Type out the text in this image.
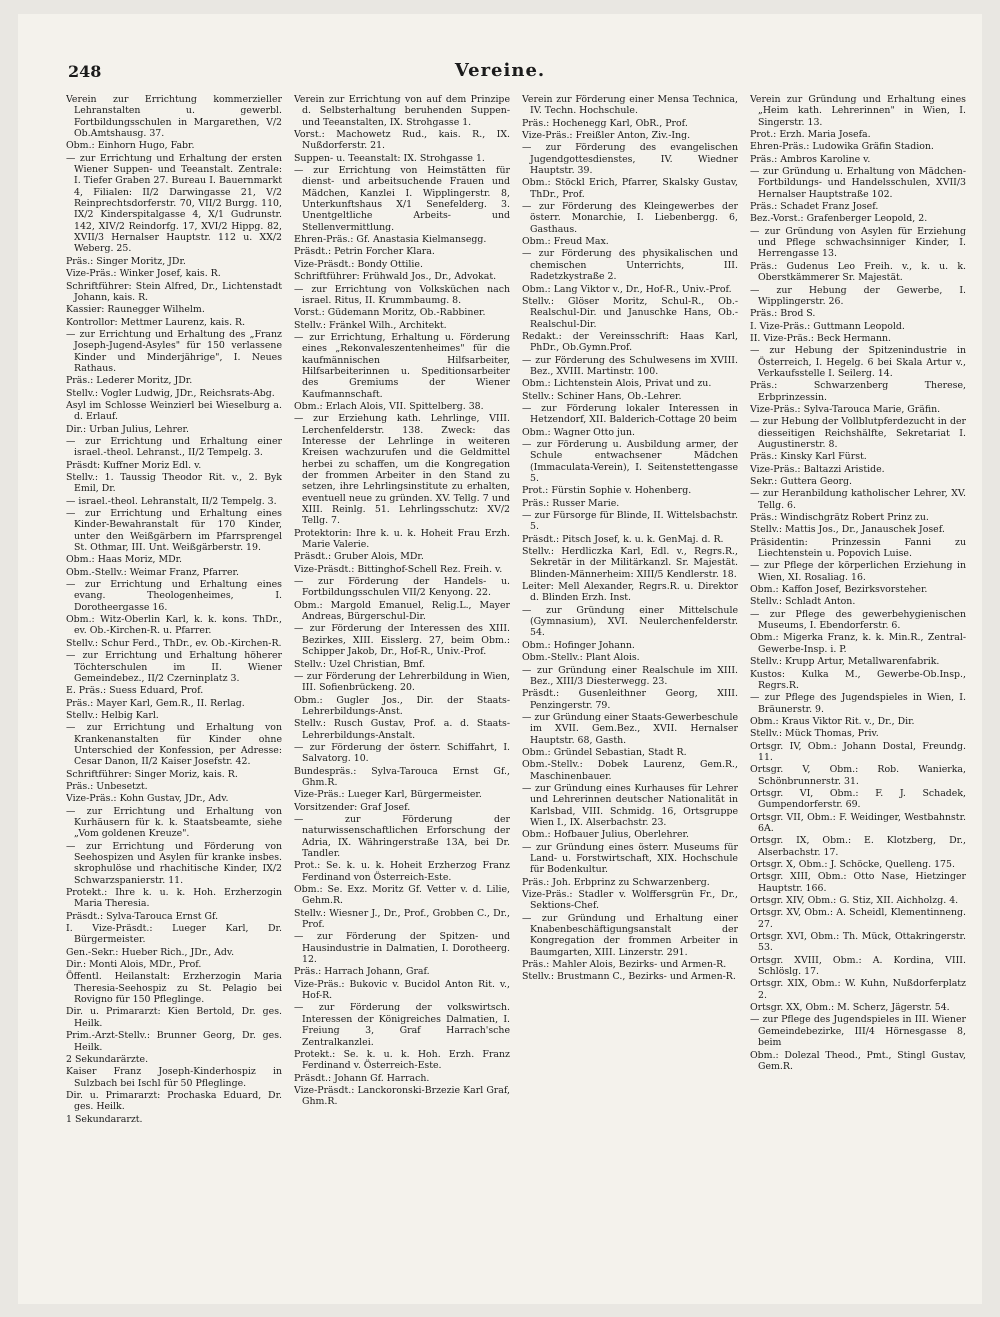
248	Vereine.

Verein zur Errichtung kommerzieller Lehranstalten u. gewerbl. Fortbildungsschulen in Margarethen, V/2 Ob.Amtshausg. 37.

Obm.: Einhorn Hugo, Fabr.

— zur Errichtung und Erhaltung der ersten Wiener Suppen- und Teeanstalt. Zentrale: I. Tiefer Graben 27. Bureau I. Bauernmarkt 4, Filialen: II/2 Darwingasse 21, V/2 Reinprechtsdorferstr. 70, VII/2 Burgg. 110, IX/2 Kinderspitalgasse 4, X/1 Gudrunstr. 142, XIV/2 Reindorfg. 17, XVI/2 Hippg. 82, XVII/3 Hernalser Hauptstr. 112 u. XX/2 Weberg. 25.

Präs.: Singer Moritz, JDr.

Vize-Präs.: Winker Josef, kais. R.

Schriftführer: Stein Alfred, Dr., Lichtenstadt Johann, kais. R.

Kassier: Raunegger Wilhelm.

Kontrollor: Mettmer Laurenz, kais. R.

— zur Errichtung und Erhaltung des „Franz Joseph-Jugend-Asyles" für 150 verlassene Kinder und Minderjährige", I. Neues Rathaus.

Präs.: Lederer Moritz, JDr.

Stellv.: Vogler Ludwig, JDr., Reichsrats-Abg.

Asyl im Schlosse Weinzierl bei Wieselburg a. d. Erlauf.

Dir.: Urban Julius, Lehrer.

— zur Errichtung und Erhaltung einer israel.-theol. Lehranst., II/2 Tempelg. 3.

Präsdt: Kuffner Moriz Edl. v.

Stellv.: 1. Taussig Theodor Rit. v., 2. Byk Emil, Dr.

— israel.-theol. Lehranstalt, II/2 Tempelg. 3.

— zur Errichtung und Erhaltung eines Kinder-Bewahranstalt für 170 Kinder, unter den Weißgärbern im Pfarrsprengel St. Othmar, III. Unt. Weißgärberstr. 19.

Obm.: Haas Moriz, MDr.

Obm.-Stellv.: Weimar Franz, Pfarrer.

— zur Errichtung und Erhaltung eines evang. Theologenheimes, I. Dorotheergasse 16.

Obm.: Witz-Oberlin Karl, k. k. kons. ThDr., ev. Ob.-Kirchen-R. u. Pfarrer.

Stellv.: Schur Ferd., ThDr., ev. Ob.-Kirchen-R.

— zur Errichtung und Erhaltung höherer Töchterschulen im II. Wiener Gemeindebez., II/2 Czerninplatz 3.

E. Präs.: Suess Eduard, Prof.

Präs.: Mayer Karl, Gem.R., II. Rerlag.

Stellv.: Helbig Karl.

— zur Errichtung und Erhaltung von Krankenanstalten für Kinder ohne Unterschied der Konfession, per Adresse: Cesar Danon, II/2 Kaiser Josefstr. 42.

Schriftführer: Singer Moriz, kais. R.

Präs.: Unbesetzt.

Vize-Präs.: Kohn Gustav, JDr., Adv.

— zur Errichtung und Erhaltung von Kurhäusern für k. k. Staatsbeamte, siehe „Vom goldenen Kreuze".

— zur Errichtung und Förderung von Seehospizen und Asylen für kranke insbes. skrophulöse und rhachitische Kinder, IX/2 Schwarzspanierstr. 11.

Protekt.: Ihre k. u. k. Hoh. Erzherzogin Maria Theresia.

Präsdt.: Sylva-Tarouca Ernst Gf.

I. Vize-Präsdt.: Lueger Karl, Dr. Bürgermeister.

Gen.-Sekr.: Hueber Rich., JDr., Adv.

Dir.: Monti Alois, MDr., Prof.

Öffentl. Heilanstalt: Erzherzogin Maria Theresia-Seehospiz zu St. Pelagio bei Rovigno für 150 Pfleglinge.

Dir. u. Primararzt: Kien Bertold, Dr. ges. Heilk.

Prim.-Arzt-Stellv.: Brunner Georg, Dr. ges. Heilk.

2 Sekundarärzte.

Kaiser Franz Joseph-Kinderhospiz in Sulzbach bei Ischl für 50 Pfleglinge.

Dir. u. Primararzt: Prochaska Eduard, Dr. ges. Heilk.

1 Sekundararzt.

Verein zur Errichtung von auf dem Prinzipe d. Selbsterhaltung beruhenden Suppen- und Teeanstalten, IX. Strohgasse 1.

Vorst.: Machowetz Rud., kais. R., IX. Nußdorferstr. 21.

Suppen- u. Teeanstalt: IX. Strohgasse 1.

— zur Errichtung von Heimstätten für dienst- und arbeitsuchende Frauen und Mädchen, Kanzlei I. Wipplingerstr. 8, Unterkunftshaus X/1 Senefelderg. 3. Unentgeltliche Arbeits- und Stellenvermittlung.

Ehren-Präs.: Gf. Anastasia Kielmansegg.

Präsdt.: Petrin Forcher Klara.

Vize-Präsdt.: Bondy Ottilie.

Schriftführer: Frühwald Jos., Dr., Advokat.

— zur Errichtung von Volksküchen nach israel. Ritus, II. Krummbaumg. 8.

Vorst.: Güdemann Moritz, Ob.-Rabbiner.

Stellv.: Fränkel Wilh., Architekt.

— zur Errichtung, Erhaltung u. Förderung eines „Rekonvaleszentenheimes" für die kaufmännischen Hilfsarbeiter, Hilfsarbeiterinnen u. Speditionsarbeiter des Gremiums der Wiener Kaufmannschaft.

Obm.: Erlach Alois, VII. Spittelberg. 38.

— zur Erziehung kath. Lehrlinge, VIII. Lerchenfelderstr. 138. Zweck: das Interesse der Lehrlinge in weiteren Kreisen wachzurufen und die Geldmittel herbei zu schaffen, um die Kongregation der frommen Arbeiter in den Stand zu setzen, ihre Lehrlingsinstitute zu erhalten, eventuell neue zu gründen. XV. Tellg. 7 und XIII. Reinlg. 51. Lehrlingsschutz: XV/2 Tellg. 7.

Protektorin: Ihre k. u. k. Hoheit Frau Erzh. Marie Valerie.

Präsdt.: Gruber Alois, MDr.

Vize-Präsdt.: Bittinghof-Schell Rez. Freih. v.

— zur Förderung der Handels- u. Fortbildungsschulen VII/2 Kenyong. 22.

Obm.: Margold Emanuel, Relig.L., Mayer Andreas, Bürgerschul-Dir.

— zur Förderung der Interessen des XIII. Bezirkes, XIII. Eisslerg. 27, beim Obm.: Schipper Jakob, Dr., Hof-R., Univ.-Prof.

Stellv.: Uzel Christian, Bmf.

— zur Förderung der Lehrerbildung in Wien, III. Sofienbrückeng. 20.

Obm.: Gugler Jos., Dir. der Staats-Lehrerbildungs-Anst.

Stellv.: Rusch Gustav, Prof. a. d. Staats-Lehrerbildungs-Anstalt.

— zur Förderung der österr. Schiffahrt, I. Salvatorg. 10.

Bundespräs.: Sylva-Tarouca Ernst Gf., Ghm.R.

Vize-Präs.: Lueger Karl, Bürgermeister.

Vorsitzender: Graf Josef.

— zur Förderung der naturwissenschaftlichen Erforschung der Adria, IX. Währingerstraße 13A, bei Dr. Tandler.

Prot.: Se. k. u. k. Hoheit Erzherzog Franz Ferdinand von Österreich-Este.

Obm.: Se. Exz. Moritz Gf. Vetter v. d. Lilie, Gehm.R.

Stellv.: Wiesner J., Dr., Prof., Grobben C., Dr., Prof.

— zur Förderung der Spitzen- und Hausindustrie in Dalmatien, I. Dorotheerg. 12.

Präs.: Harrach Johann, Graf.

Vize-Präs.: Bukovic v. Bucidol Anton Rit. v., Hof-R.

— zur Förderung der volkswirtsch. Interessen der Königreiches Dalmatien, I. Freiung 3, Graf Harrach'sche Zentralkanzlei.

Protekt.: Se. k. u. k. Hoh. Erzh. Franz Ferdinand v. Österreich-Este.

Präsdt.: Johann Gf. Harrach.

Vize-Präsdt.: Lanckoronski-Brzezie Karl Graf, Ghm.R.

Verein zur Förderung einer Mensa Technica, IV. Techn. Hochschule.

Präs.: Hochenegg Karl, ObR., Prof.

Vize-Präs.: Freißler Anton, Ziv.-Ing.

— zur Förderung des evangelischen Jugendgottesdienstes, IV. Wiedner Hauptstr. 39.

Obm.: Stöckl Erich, Pfarrer, Skalsky Gustav, ThDr., Prof.

— zur Förderung des Kleingewerbes der österr. Monarchie, I. Liebenbergg. 6, Gasthaus.

Obm.: Freud Max.

— zur Förderung des physikalischen und chemischen Unterrichts, III. Radetzkystraße 2.

Obm.: Lang Viktor v., Dr., Hof-R., Univ.-Prof.

Stellv.: Glöser Moritz, Schul-R., Ob.-Realschul-Dir. und Januschke Hans, Ob.-Realschul-Dir.

Redakt.: der Vereinsschrift: Haas Karl, PhDr., Ob.Gymn.Prof.

— zur Förderung des Schulwesens im XVIII. Bez., XVIII. Martinstr. 100.

Obm.: Lichtenstein Alois, Privat und zu.

Stellv.: Schiner Hans, Ob.-Lehrer.

— zur Förderung lokaler Interessen in Hetzendorf, XII. Balderich-Cottage 20 beim

Obm.: Wagner Otto jun.

— zur Förderung u. Ausbildung armer, der Schule entwachsener Mädchen (Immaculata-Verein), I. Seitenstettengasse 5.

Prot.: Fürstin Sophie v. Hohenberg.

Präs.: Russer Marie.

— zur Fürsorge für Blinde, II. Wittelsbachstr. 5.

Präsdt.: Pitsch Josef, k. u. k. GenMaj. d. R.

Stellv.: Herdliczka Karl, Edl. v., Regrs.R., Sekretär in der Militärkanzl. Sr. Majestät. Blinden-Männerheim: XIII/5 Kendlerstr. 18.

Leiter: Mell Alexander, Regrs.R. u. Direktor d. Blinden Erzh. Inst.

— zur Gründung einer Mittelschule (Gymnasium), XVI. Neulerchenfelderstr. 54.

Obm.: Hofinger Johann.

Obm.-Stellv.: Plant Alois.

— zur Gründung einer Realschule im XIII. Bez., XIII/3 Diesterwegg. 23.

Präsdt.: Gusenleithner Georg, XIII. Penzingerstr. 79.

— zur Gründung einer Staats-Gewerbeschule im XVII. Gem.Bez., XVII. Hernalser Hauptstr. 68, Gasth.

Obm.: Gründel Sebastian, Stadt R.

Obm.-Stellv.: Dobek Laurenz, Gem.R., Maschinenbauer.

— zur Gründung eines Kurhauses für Lehrer und Lehrerinnen deutscher Nationalität in Karlsbad, VIII. Schmidg. 16, Ortsgruppe Wien I., IX. Alserbachstr. 23.

Obm.: Hofbauer Julius, Oberlehrer.

— zur Gründung eines österr. Museums für Land- u. Forstwirtschaft, XIX. Hochschule für Bodenkultur.

Präs.: Joh. Erbprinz zu Schwarzenberg.

Vize-Präs.: Stadler v. Wolffersgrün Fr., Dr., Sektions-Chef.

— zur Gründung und Erhaltung einer Knabenbeschäftigungsanstalt der Kongregation der frommen Arbeiter in Baumgarten, XIII. Linzerstr. 291.

Präs.: Mahler Alois, Bezirks- und Armen-R.

Stellv.: Brustmann C., Bezirks- und Armen-R.

Verein zur Gründung und Erhaltung eines „Heim kath. Lehrerinnen" in Wien, I. Singerstr. 13.

Prot.: Erzh. Maria Josefa.

Ehren-Präs.: Ludowika Gräfin Stadion.

Präs.: Ambros Karoline v.

— zur Gründung u. Erhaltung von Mädchen-Fortbildungs- und Handelsschulen, XVII/3 Hernalser Hauptstraße 102.

Präs.: Schadet Franz Josef.

Bez.-Vorst.: Grafenberger Leopold, 2.

— zur Gründung von Asylen für Erziehung und Pflege schwachsinniger Kinder, I. Herrengasse 13.

Präs.: Gudenus Leo Freih. v., k. u. k. Oberstkämmerer Sr. Majestät.

— zur Hebung der Gewerbe, I. Wipplingerstr. 26.

Präs.: Brod S.

I. Vize-Präs.: Guttmann Leopold.

II. Vize-Präs.: Beck Hermann.

— zur Hebung der Spitzenindustrie in Österreich, I. Hegelg. 6 bei Skala Artur v., Verkaufsstelle I. Seilerg. 14.

Präs.: Schwarzenberg Therese, Erbprinzessin.

Vize-Präs.: Sylva-Tarouca Marie, Gräfin.

— zur Hebung der Vollblutpferdezucht in der diesseitigen Reichshälfte, Sekretariat I. Augustinerstr. 8.

Präs.: Kinsky Karl Fürst.

Vize-Präs.: Baltazzi Aristide.

Sekr.: Guttera Georg.

— zur Heranbildung katholischer Lehrer, XV. Tellg. 6.

Präs.: Windischgrätz Robert Prinz zu.

Stellv.: Mattis Jos., Dr., Janauschek Josef.

Präsidentin: Prinzessin Fanni zu Liechtenstein u. Popovich Luise.

— zur Pflege der körperlichen Erziehung in Wien, XI. Rosaliag. 16.

Obm.: Kaffon Josef, Bezirksvorsteher.

Stellv.: Schladt Anton.

— zur Pflege des gewerbehygienischen Museums, I. Ebendorferstr. 6.

Obm.: Migerka Franz, k. k. Min.R., Zentral-Gewerbe-Insp. i. P.

Stellv.: Krupp Artur, Metallwarenfabrik.

Kustos: Kulka M., Gewerbe-Ob.Insp., Regrs.R.

— zur Pflege des Jugendspieles in Wien, I. Bräunerstr. 9.

Obm.: Kraus Viktor Rit. v., Dr., Dir.

Stellv.: Mück Thomas, Priv.

Ortsgr. IV, Obm.: Johann Dostal, Freundg. 11.

Ortsgr. V, Obm.: Rob. Wanierka, Schönbrunnerstr. 31.

Ortsgr. VI, Obm.: F. J. Schadek, Gumpendorferstr. 69.

Ortsgr. VII, Obm.: F. Weidinger, Westbahnstr. 6A.

Ortsgr. IX, Obm.: E. Klotzberg, Dr., Alserbachstr. 17.

Ortsgr. X, Obm.: J. Schöcke, Quelleng. 175.

Ortsgr. XIII, Obm.: Otto Nase, Hietzinger Hauptstr. 166.

Ortsgr. XIV, Obm.: G. Stiz, XII. Aichholzg. 4.

Ortsgr. XV, Obm.: A. Scheidl, Klementinneng. 27.

Ortsgr. XVI, Obm.: Th. Mück, Ottakringerstr. 53.

Ortsgr. XVIII, Obm.: A. Kordina, VIII. Schlöslg. 17.

Ortsgr. XIX, Obm.: W. Kuhn, Nußdorferplatz 2.

Ortsgr. XX, Obm.: M. Scherz, Jägerstr. 54.

— zur Pflege des Jugendspieles in III. Wiener Gemeindebezirke, III/4 Hörnesgasse 8, beim

Obm.: Dolezal Theod., Pmt., Stingl Gustav, Gem.R.
